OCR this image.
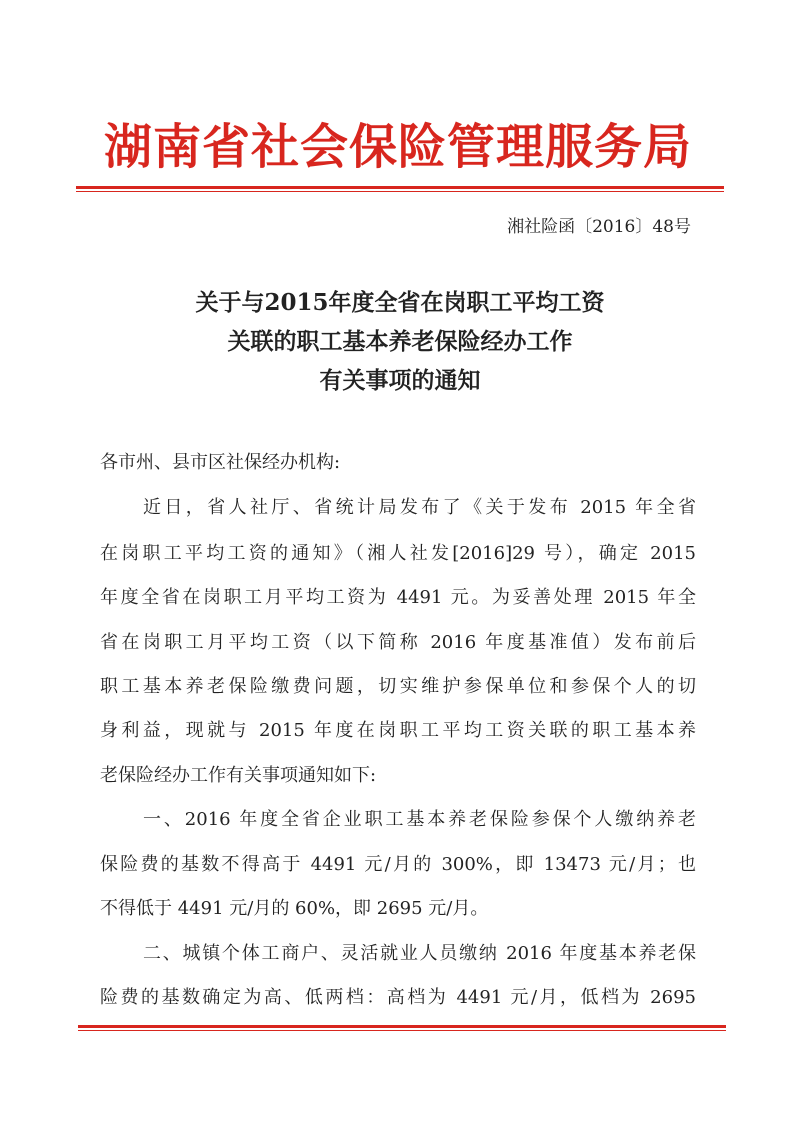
湖南省社会保险管理服务局
湘社险函〔2016〕48号
关于与2015年度全省在岗职工平均工资
关联的职工基本养老保险经办工作
有关事项的通知
各市州、县市区社保经办机构:
近日，省人社厅、省统计局发布了《关于发布 2015 年全省
在岗职工平均工资的通知》（湘人社发[2016]29 号），确定 2015
年度全省在岗职工月平均工资为 4491 元。为妥善处理 2015 年全
省在岗职工月平均工资（以下简称 2016 年度基准值）发布前后
职工基本养老保险缴费问题，切实维护参保单位和参保个人的切
身利益，现就与 2015 年度在岗职工平均工资关联的职工基本养
老保险经办工作有关事项通知如下:
一、2016 年度全省企业职工基本养老保险参保个人缴纳养老
保险费的基数不得高于 4491 元/月的 300%，即 13473 元/月；也
不得低于 4491 元/月的 60%，即 2695 元/月。
二、城镇个体工商户、灵活就业人员缴纳 2016 年度基本养老保
险费的基数确定为高、低两档：高档为 4491 元/月，低档为 2695
